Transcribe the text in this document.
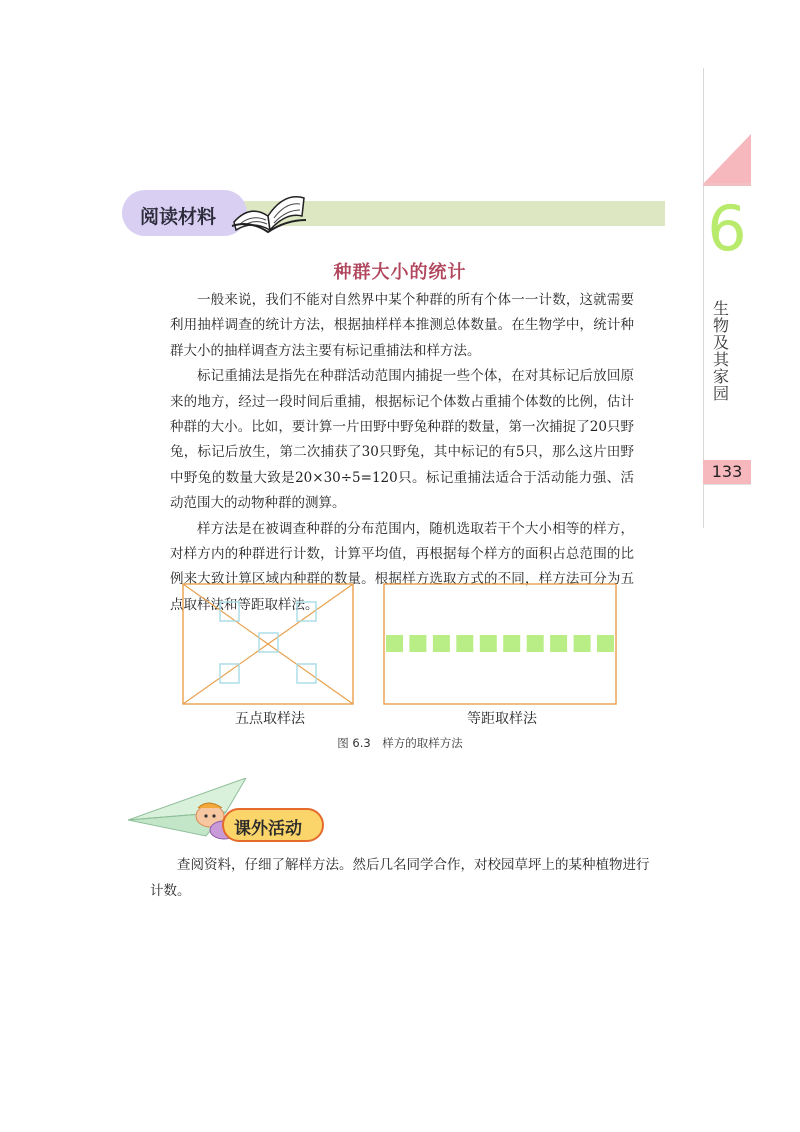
6
生物及其家园
133
阅读材料
种群大小的统计

一般来说，我们不能对自然界中某个种群的所有个体一一计数，这就需要利用抽样调查的统计方法，根据抽样样本推测总体数量。在生物学中，统计种群大小的抽样调查方法主要有标记重捕法和样方法。

标记重捕法是指先在种群活动范围内捕捉一些个体，在对其标记后放回原来的地方，经过一段时间后重捕，根据标记个体数占重捕个体数的比例，估计种群的大小。比如，要计算一片田野中野兔种群的数量，第一次捕捉了20只野兔，标记后放生，第二次捕获了30只野兔，其中标记的有5只，那么这片田野中野兔的数量大致是20×30÷5=120只。标记重捕法适合于活动能力强、活动范围大的动物种群的测算。

样方法是在被调查种群的分布范围内，随机选取若干个大小相等的样方，对样方内的种群进行计数，计算平均值，再根据每个样方的面积占总范围的比例来大致计算区域内种群的数量。根据样方选取方式的不同，样方法可分为五点取样法和等距取样法。

五点取样法	等距取样法
图 6.3　样方的取样方法
课外活动

查阅资料，仔细了解样方法。然后几名同学合作，对校园草坪上的某种植物进行计数。
